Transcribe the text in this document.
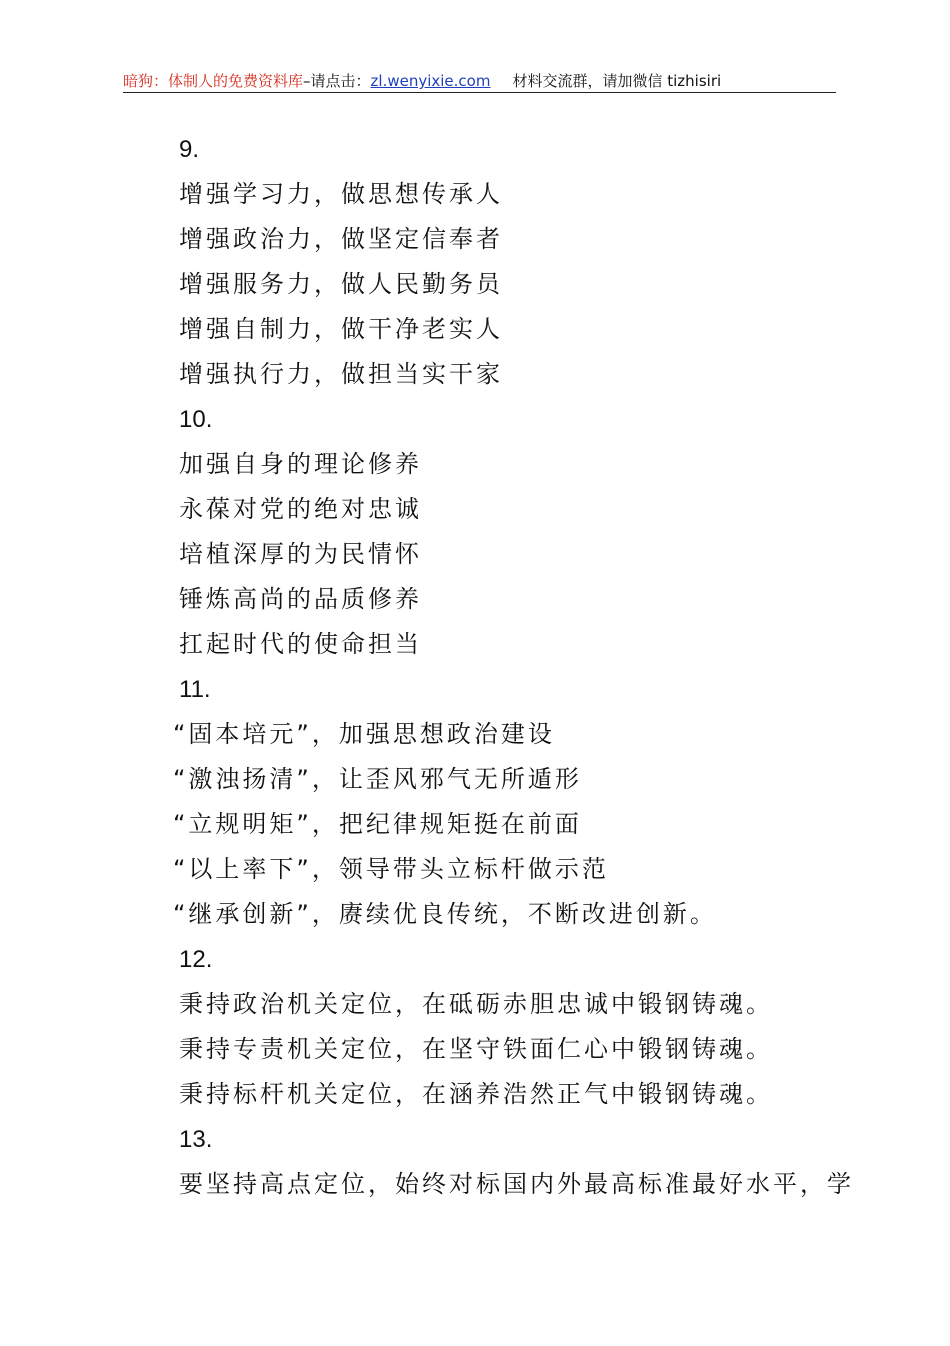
暗狗：体制人的免费资料库–请点击：zl.wenyixie.com 材料交流群，请加微信 tizhisiri
9.
增强学习力，做思想传承人
增强政治力，做坚定信奉者
增强服务力，做人民勤务员
增强自制力，做干净老实人
增强执行力，做担当实干家
10.
加强自身的理论修养
永葆对党的绝对忠诚
培植深厚的为民情怀
锤炼高尚的品质修养
扛起时代的使命担当
11.
“固本培元”，加强思想政治建设
“激浊扬清”，让歪风邪气无所遁形
“立规明矩”，把纪律规矩挺在前面
“以上率下”，领导带头立标杆做示范
“继承创新”，赓续优良传统，不断改进创新。
12.
秉持政治机关定位，在砥砺赤胆忠诚中锻钢铸魂。
秉持专责机关定位，在坚守铁面仁心中锻钢铸魂。
秉持标杆机关定位，在涵养浩然正气中锻钢铸魂。
13.
要坚持高点定位，始终对标国内外最高标准最好水平，学
